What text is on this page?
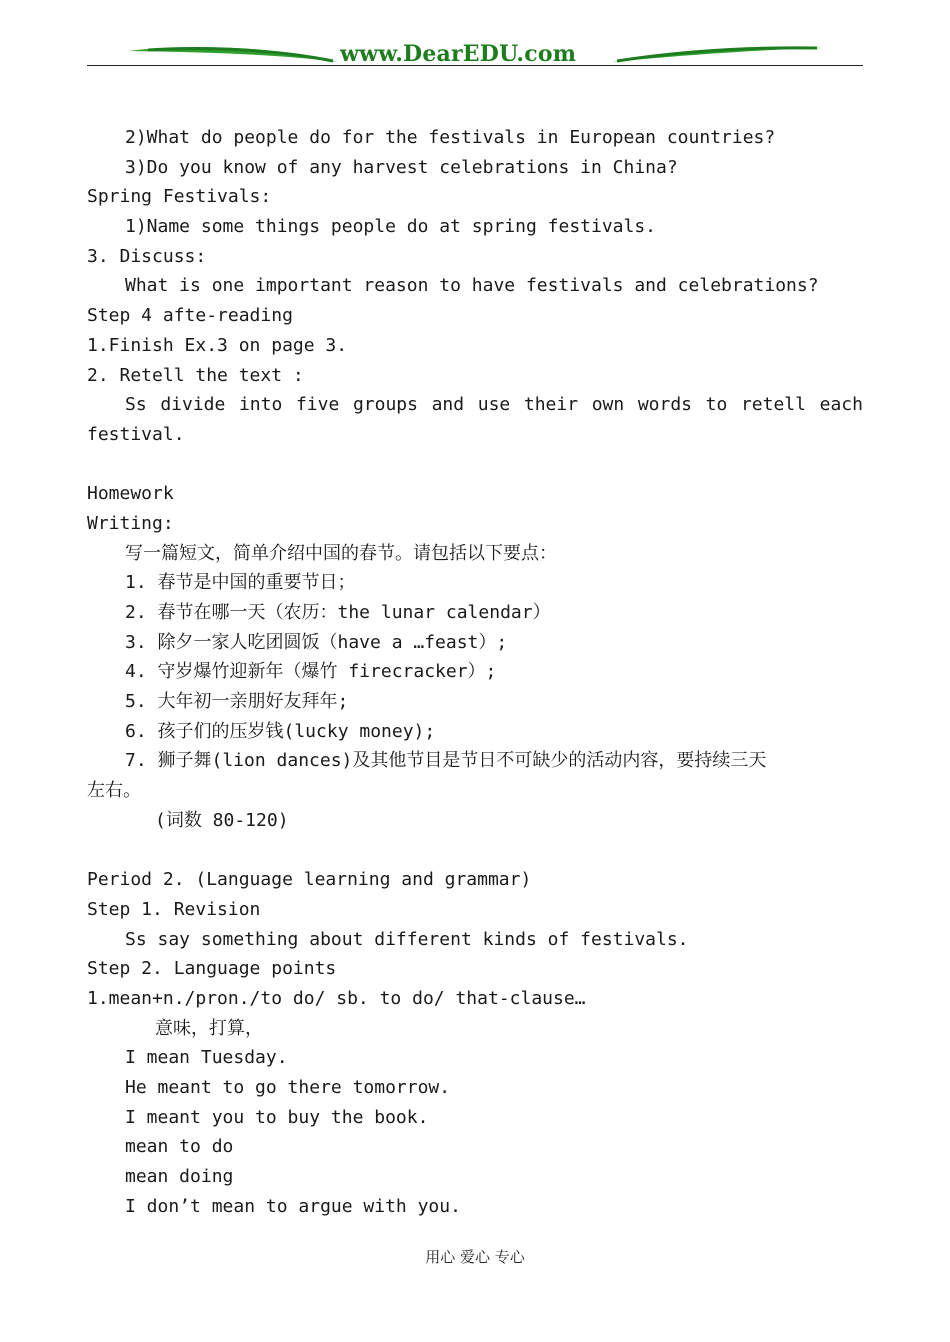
www.DearEDU.com
2)What do people do for the festivals in European countries?
3)Do you know of any harvest celebrations in China?
Spring Festivals:
1)Name some things people do at spring festivals.
3. Discuss:
What is one important reason to have festivals and celebrations?
Step 4 afte-reading
1.Finish Ex.3 on page 3.
2. Retell the text :
Ss divide into five groups and use their own words to retell each
festival.
Homework
Writing:
写一篇短文，简单介绍中国的春节。请包括以下要点：
1. 春节是中国的重要节日；
2. 春节在哪一天（农历：the lunar calendar）
3. 除夕一家人吃团圆饭（have a …feast）;
4. 守岁爆竹迎新年（爆竹 firecracker）;
5. 大年初一亲朋好友拜年;
6. 孩子们的压岁钱(lucky money);
7. 狮子舞(lion dances)及其他节目是节日不可缺少的活动内容，要持续三天
左右。
(词数 80-120)
Period 2. (Language learning and grammar)
Step 1. Revision
Ss say something about different kinds of festivals.
Step 2. Language points
1.mean+n./pron./to do/ sb. to do/ that-clause…
意味，打算，
I mean Tuesday.
He meant to go there tomorrow.
I meant you to buy the book.
mean to do
mean doing
I don’t mean to argue with you.
用心 爱心 专心
